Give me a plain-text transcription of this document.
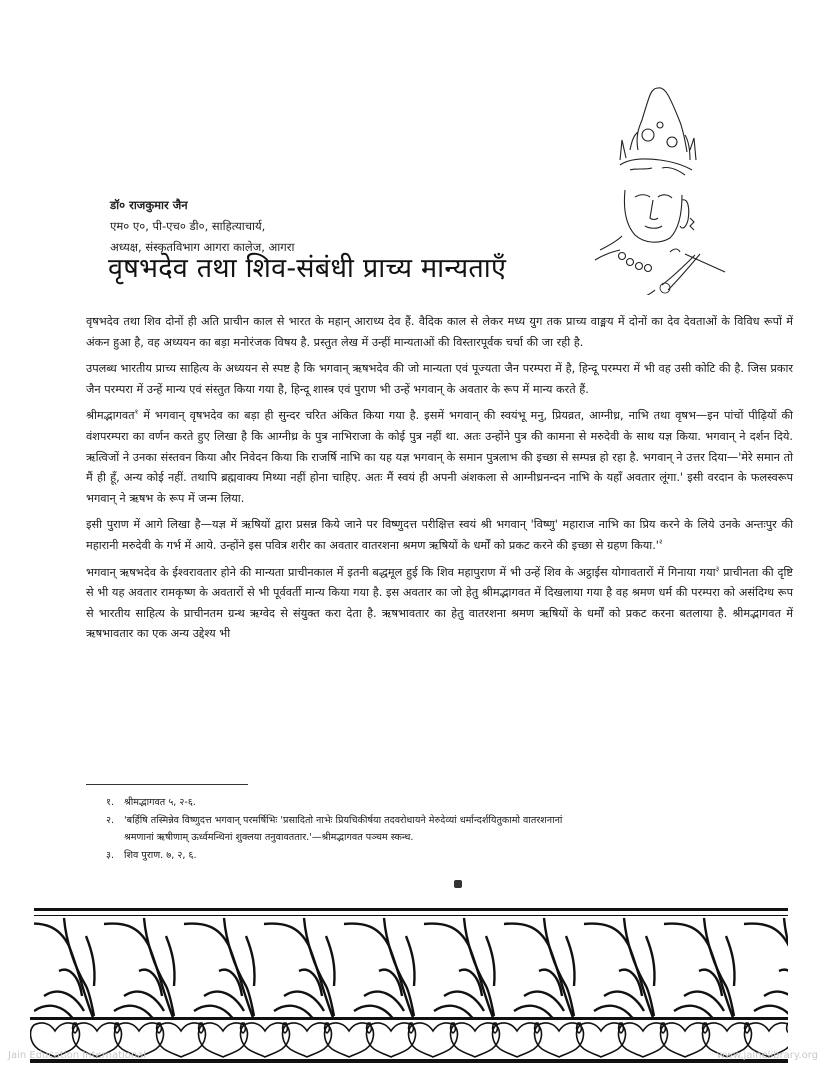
डॉ० राजकुमार जैन
एम० ए०, पी-एच० डी०, साहित्याचार्य,
अध्यक्ष, संस्कृतविभाग आगरा कालेज, आगरा
वृषभदेव तथा शिव-संबंधी प्राच्य मान्यताएँ

वृषभदेव तथा शिव दोनों ही अति प्राचीन काल से भारत के महान् आराध्य देव हैं. वैदिक काल से लेकर मध्य युग तक प्राच्य वाङ्मय में दोनों का देव देवताओं के विविध रूपों में अंकन हुआ है, वह अध्ययन का बड़ा मनोरंजक विषय है. प्रस्तुत लेख में उन्हीं मान्यताओं की विस्तारपूर्वक चर्चा की जा रही है.

उपलब्ध भारतीय प्राच्य साहित्य के अध्ययन से स्पष्ट है कि भगवान् ऋषभदेव की जो मान्यता एवं पूज्यता जैन परम्परा में है, हिन्दू परम्परा में भी वह उसी कोटि की है. जिस प्रकार जैन परम्परा में उन्हें मान्य एवं संस्तुत किया गया है, हिन्दू शास्त्र एवं पुराण भी उन्हें भगवान् के अवतार के रूप में मान्य करते हैं.

श्रीमद्भागवत$^१$ में भगवान् वृषभदेव का बड़ा ही सुन्दर चरित अंकित किया गया है. इसमें भगवान् की स्वयंभू मनु, प्रियव्रत, आग्नीध्र, नाभि तथा वृषभ—इन पांचों पीढ़ियों की वंशपरम्परा का वर्णन करते हुए लिखा है कि आग्नीध्र के पुत्र नाभिराजा के कोई पुत्र नहीं था. अतः उन्होंने पुत्र की कामना से मरुदेवी के साथ यज्ञ किया. भगवान् ने दर्शन दिये. ऋत्विजों ने उनका संस्तवन किया और निवेदन किया कि राजर्षि नाभि का यह यज्ञ भगवान् के समान पुत्रलाभ की इच्छा से सम्पन्न हो रहा है. भगवान् ने उत्तर दिया—'मेरे समान तो मैं ही हूँ, अन्य कोई नहीं. तथापि ब्रह्मवाक्य मिथ्या नहीं होना चाहिए. अतः मैं स्वयं ही अपनी अंशकला से आग्नीध्रनन्दन नाभि के यहाँ अवतार लूंगा.' इसी वरदान के फलस्वरूप भगवान् ने ऋषभ के रूप में जन्म लिया.

इसी पुराण में आगे लिखा है—यज्ञ में ऋषियों द्वारा प्रसन्न किये जाने पर विष्णुदत्त परीक्षित्त स्वयं श्री भगवान् 'विष्णु' महाराज नाभि का प्रिय करने के लिये उनके अन्तःपुर की महारानी मरुदेवी के गर्भ में आये. उन्होंने इस पवित्र शरीर का अवतार वातरशना श्रमण ऋषियों के धर्मों को प्रकट करने की इच्छा से ग्रहण $किया.'^२$

भगवान् ऋषभदेव के ईश्वरावतार होने की मान्यता प्राचीनकाल में इतनी बद्धमूल हुई कि शिव महापुराण में भी उन्हें शिव के अट्ठाईस योगावतारों में गिनाया गया$^३$ प्राचीनता की दृष्टि से भी यह अवतार रामकृष्ण के अवतारों से भी पूर्ववर्ती मान्य किया गया है. इस अवतार का जो हेतु श्रीमद्भागवत में दिखलाया गया है वह श्रमण धर्म की परम्परा को असंदिग्ध रूप से भारतीय साहित्य के प्राचीनतम ग्रन्थ ऋग्वेद से संयुक्त करा देता है. ऋषभावतार का हेतु वातरशना श्रमण ऋषियों के धर्मों को प्रकट करना बतलाया है. श्रीमद्भागवत में ऋषभावतार का एक अन्य उद्देश्य भी

१. श्रीमद्भागवत ५, २-६.

२. 'बर्हिषि तस्मिन्नेव विष्णुदत्त भगवान् परमर्षिभिः 'प्रसादितो नाभेः प्रियचिकीर्षया तदवरोधायने मेरुदेव्यां धर्मान्दर्शयितुकामो वातरशनानां

श्रमणानां ऋषीणाम् ऊर्ध्वमन्थिनां शुक्लया तनुवावततार.'—श्रीमद्भागवत पञ्चम स्कन्ध.

३. शिव पुराण. ७, २, ६.

Jain Education International	www.jainelibrary.org
